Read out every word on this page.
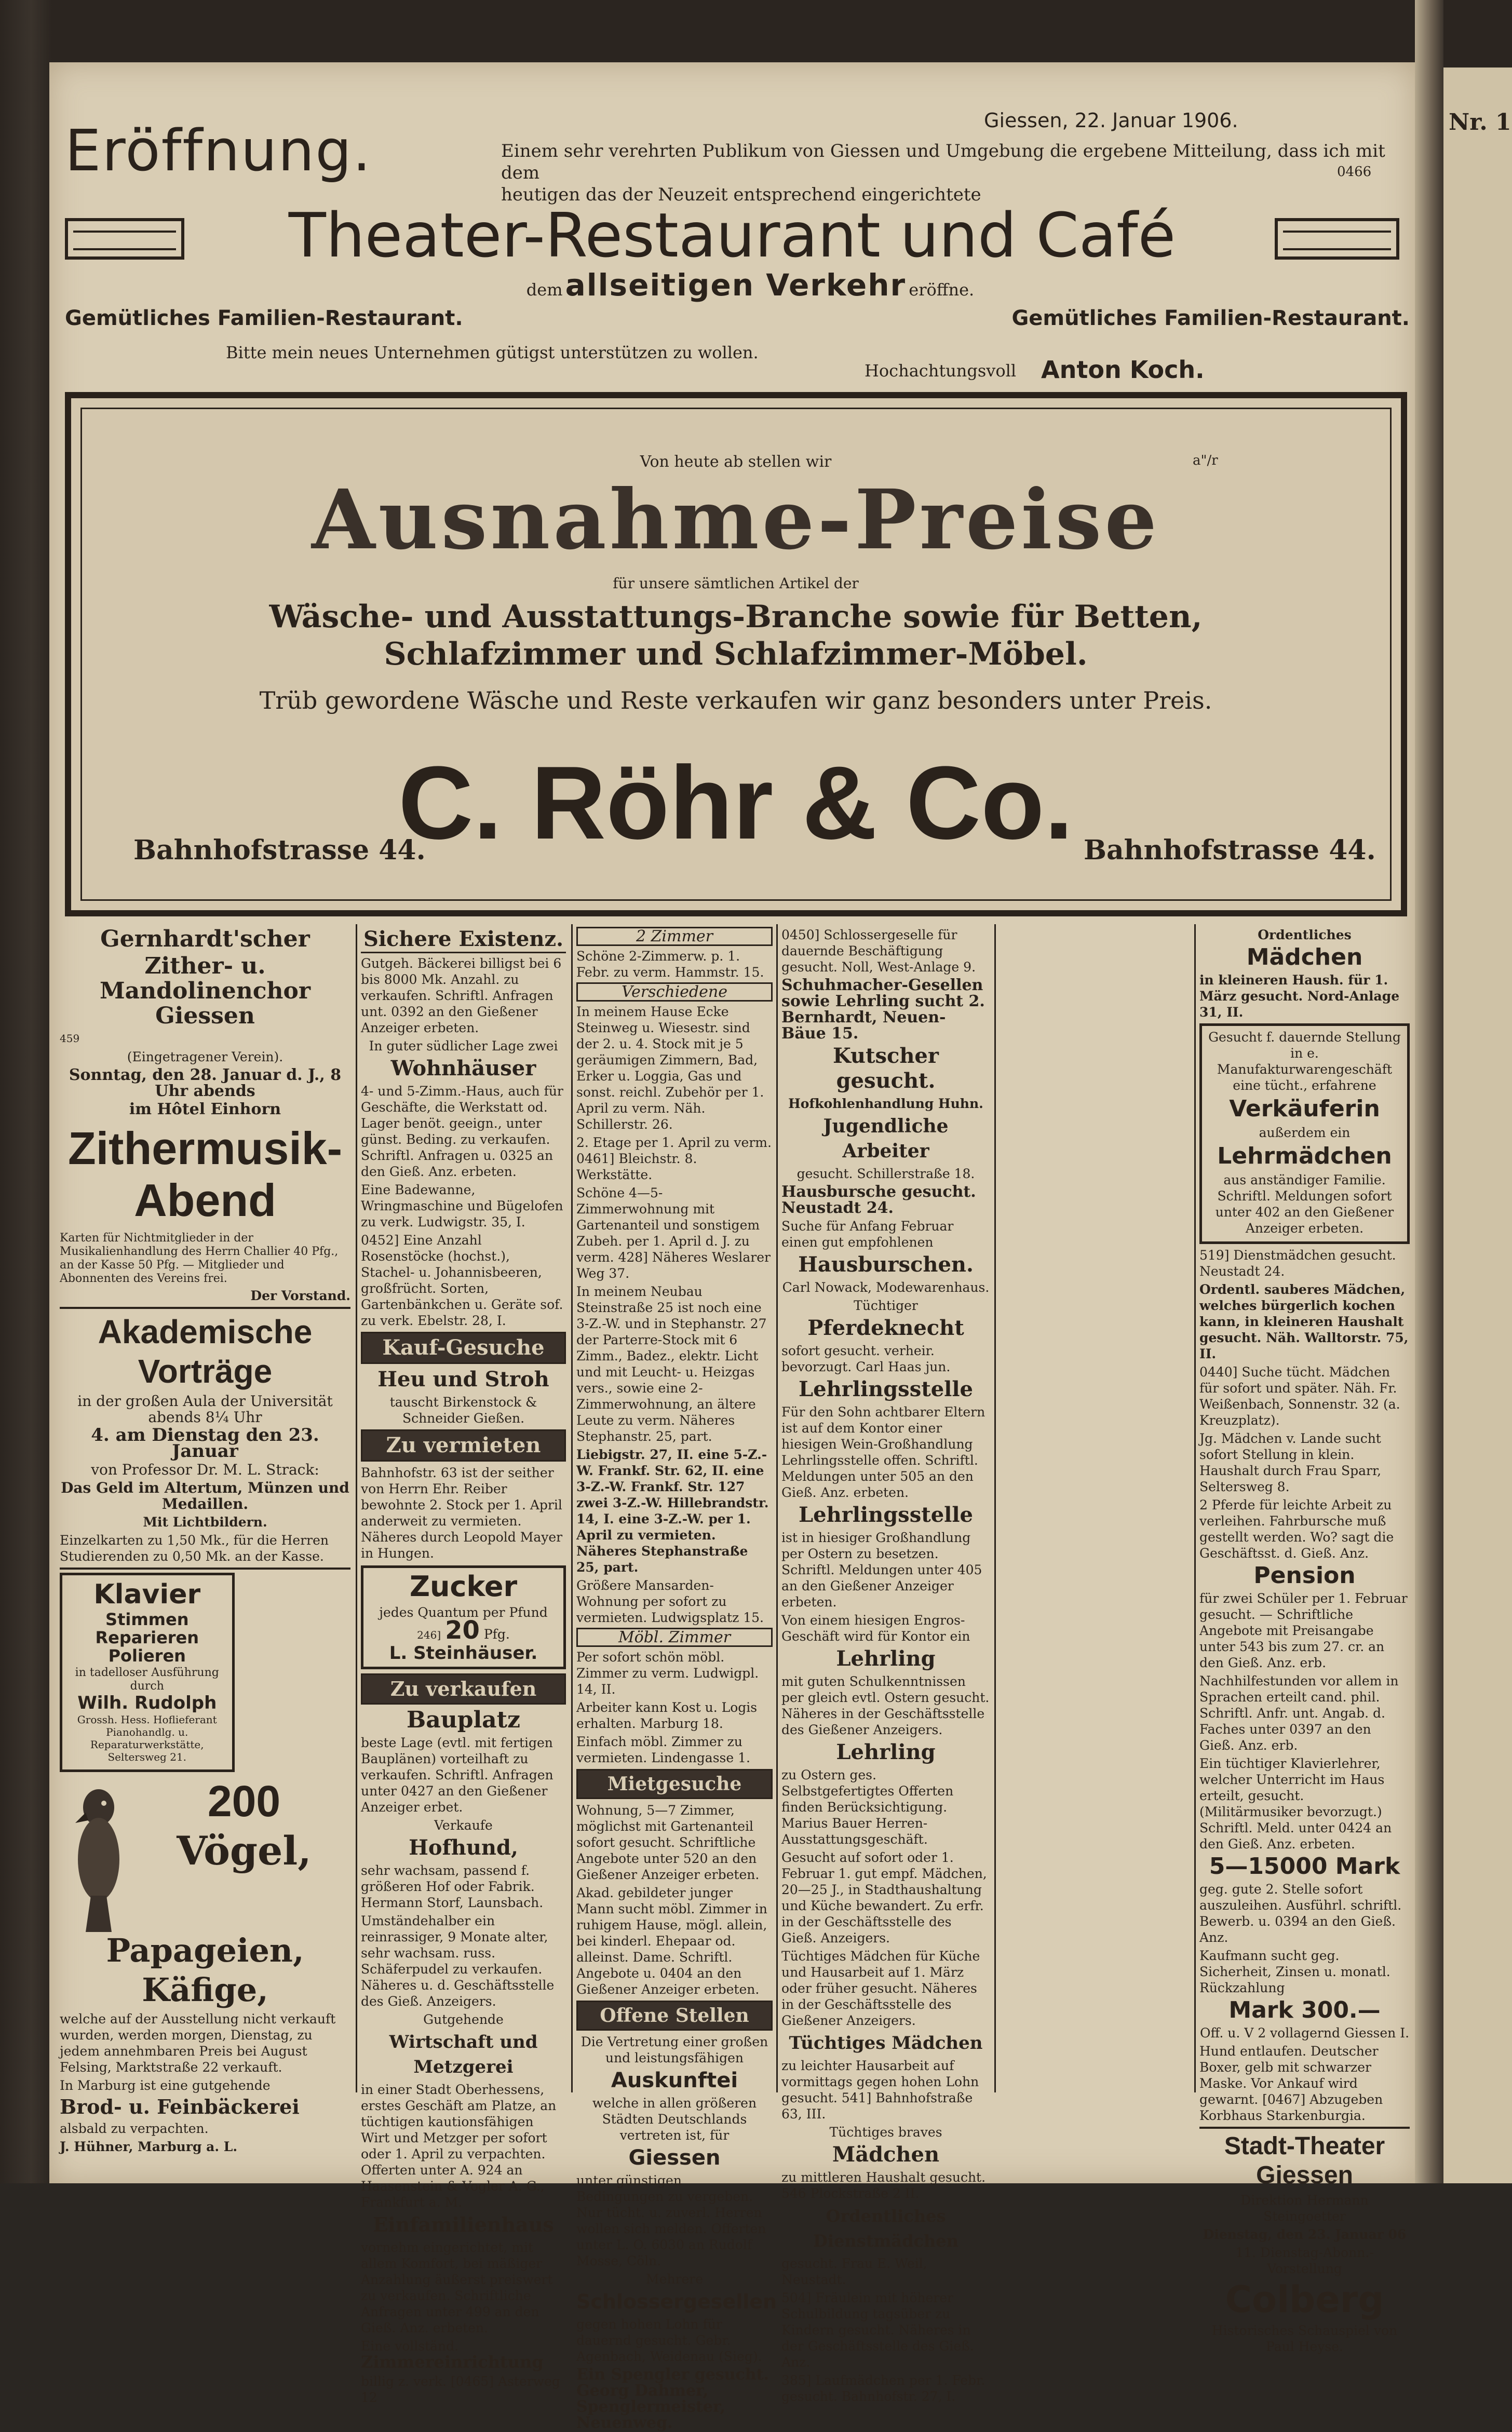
Nr. 1
Giessen, 22. Januar 1906.
Eröffnung.	Einem sehr verehrten Publikum von Giessen und Umgebung die ergebene Mitteilung, dass ich mit dem
heutigen das der Neuzeit entsprechend eingerichtete
0466
Theater-Restaurant und Café
dem allseitigen Verkehr eröffne.
Gemütliches Familien-Restaurant.	Gemütliches Familien-Restaurant.
Bitte mein neues Unternehmen gütigst unterstützen zu wollen.
Hochachtungsvoll Anton Koch.
Von heute ab stellen wir	a"/r
Ausnahme-Preise
für unsere sämtlichen Artikel der
Wäsche- und Ausstattungs-Branche sowie für Betten,
Schlafzimmer und Schlafzimmer-Möbel.
Trüb gewordene Wäsche und Reste verkaufen wir ganz besonders unter Preis.
Bahnhofstrasse 44.
C. Röhr & Co. Bahnhofstrasse 44.

Gernhardt'scher

Zither- u. Mandolinenchor Giessen

459

(Eingetragener Verein).

Sonntag, den 28. Januar d. J., 8 Uhr abends

im Hôtel Einhorn

Zithermusik-Abend

Karten für Nichtmitglieder in der Musikalienhandlung des Herrn Challier 40 Pfg., an der Kasse 50 Pfg. — Mitglieder und Abonnenten des Vereins frei.

Der Vorstand.

Akademische Vorträge

in der großen Aula der Universität abends 8¼ Uhr

4. am Dienstag den 23. Januar

von Professor Dr. M. L. Strack:

Das Geld im Altertum, Münzen und Medaillen.

Mit Lichtbildern.

Einzelkarten zu 1,50 Mk., für die Herren Studierenden zu 0,50 Mk. an der Kasse.

Klavier

Stimmen

Reparieren

Polieren

in tadelloser Ausführung durch

Wilh. Rudolph

Grossh. Hess. Hoflieferant Pianohandlg. u. Reparaturwerkstätte, Seltersweg 21.

200

Vögel,

Papageien,

Käfige,

welche auf der Ausstellung nicht verkauft wurden, werden morgen, Dienstag, zu jedem annehmbaren Preis bei August Felsing, Marktstraße 22 verkauft.

In Marburg ist eine gutgehende

Brod- u. Feinbäckerei

alsbald zu verpachten.

J. Hühner, Marburg a. L.

Sichere Existenz.

Gutgeh. Bäckerei billigst bei 6 bis 8000 Mk. Anzahl. zu verkaufen. Schriftl. Anfragen unt. 0392 an den Gießener Anzeiger erbeten.

In guter südlicher Lage zwei

Wohnhäuser

4- und 5-Zimm.-Haus, auch für Geschäfte, die Werkstatt od. Lager benöt. geeign., unter günst. Beding. zu verkaufen. Schriftl. Anfragen u. 0325 an den Gieß. Anz. erbeten.

Eine Badewanne, Wringmaschine und Bügelofen zu verk. Ludwigstr. 35, I.

0452] Eine Anzahl Rosenstöcke (hochst.), Stachel- u. Johannisbeeren, großfrücht. Sorten, Gartenbänkchen u. Geräte sof. zu verk. Ebelstr. 28, I.

Kauf-Gesuche

Heu und Stroh

tauscht Birkenstock & Schneider Gießen.

Zu vermieten

Bahnhofstr. 63 ist der seither von Herrn Ehr. Reiber bewohnte 2. Stock per 1. April anderweit zu vermieten. Näheres durch Leopold Mayer in Hungen.

Zucker

jedes Quantum per Pfund

246] 20 Pfg.

L. Steinhäuser.

Zu verkaufen

Bauplatz

beste Lage (evtl. mit fertigen Bauplänen) vorteilhaft zu verkaufen. Schriftl. Anfragen unter 0427 an den Gießener Anzeiger erbet.

Verkaufe

Hofhund,

sehr wachsam, passend f. größeren Hof oder Fabrik. Hermann Storf, Launsbach.

Umständehalber ein reinrassiger, 9 Monate alter, sehr wachsam. russ. Schäferpudel zu verkaufen. Näheres u. d. Geschäftsstelle des Gieß. Anzeigers.

Gutgehende

Wirtschaft und Metzgerei

in einer Stadt Oberhessens, erstes Geschäft am Platze, an tüchtigen kautionsfähigen Wirt und Metzger per sofort oder 1. April zu verpachten. Offerten unter A. 924 an Haasenstein & Vogler A. G., Frankfurt a. M.

Einfamilienhaus

vornehm eingerichtet, mit allem Komfort, bei mäßiger Anzahlung äußerst preiswert zu verkaufen. Schriftliche Anfragen unter 499 an den Gieß. Anz. erbeten.

Eine vollständ. Zimmereinrichtung

billig z. verk. [0465] Asterweg 12

2 Zimmer

Schöne 2-Zimmerw. p. 1. Febr. zu verm. Hammstr. 15.

Verschiedene

In meinem Hause Ecke Steinweg u. Wiesestr. sind der 2. u. 4. Stock mit je 5 geräumigen Zimmern, Bad, Erker u. Loggia, Gas und sonst. reichl. Zubehör per 1. April zu verm. Näh. Schillerstr. 26.

2. Etage per 1. April zu verm. 0461] Bleichstr. 8. Werkstätte.

Schöne 4—5-Zimmerwohnung mit Gartenanteil und sonstigem Zubeh. per 1. April d. J. zu verm. 428] Näheres Weslarer Weg 37.

In meinem Neubau Steinstraße 25 ist noch eine 3-Z.-W. und in Stephanstr. 27 der Parterre-Stock mit 6 Zimm., Badez., elektr. Licht und mit Leucht- u. Heizgas vers., sowie eine 2-Zimmerwohnung, an ältere Leute zu verm. Näheres Stephanstr. 25, part.

Liebigstr. 27, II. eine 5-Z.-W. Frankf. Str. 62, II. eine 3-Z.-W. Frankf. Str. 127 zwei 3-Z.-W. Hillebrandstr. 14, I. eine 3-Z.-W. per 1. April zu vermieten. Näheres Stephanstraße 25, part.

Größere Mansarden-Wohnung per sofort zu vermieten. Ludwigsplatz 15.

Möbl. Zimmer

Per sofort schön möbl. Zimmer zu verm. Ludwigpl. 14, II.

Arbeiter kann Kost u. Logis erhalten. Marburg 18.

Einfach möbl. Zimmer zu vermieten. Lindengasse 1.

Mietgesuche

Wohnung, 5—7 Zimmer, möglichst mit Gartenanteil sofort gesucht. Schriftliche Angebote unter 520 an den Gießener Anzeiger erbeten.

Akad. gebildeter junger Mann sucht möbl. Zimmer in ruhigem Hause, mögl. allein, bei kinderl. Ehepaar od. alleinst. Dame. Schriftl. Angebote u. 0404 an den Gießener Anzeiger erbeten.

Offene Stellen

Die Vertretung einer großen und leistungsfähigen

Auskunftei

welche in allen größeren Städten Deutschlands vertreten ist, für

Giessen

unter günstigen Bedingungen zu vergeben. Nur tücht. u. zuverl. Herren wollen sich melden. Offerten unter L. O. 6030 an Rudolf Mosse, Cöln.

Mehrere

Schlossergesellen

gegen hohen Lohn für dauernd gesucht. Gebr. Agenbach, Weidenau (Sieg).

Ein Spengler gesucht. Georg Dahmer, Spenglermeister, Neuenweg.

0450] Schlossergeselle für dauernde Beschäftigung gesucht. Noll, West-Anlage 9.

Schuhmacher-Gesellen sowie Lehrling sucht 2. Bernhardt, Neuen-Bäue 15.

Kutscher gesucht.

Hofkohlenhandlung Huhn.

Jugendliche Arbeiter

gesucht. Schillerstraße 18.

Hausbursche gesucht. Neustadt 24.

Suche für Anfang Februar einen gut empfohlenen

Hausburschen.

Carl Nowack, Modewarenhaus.

Tüchtiger

Pferdeknecht

sofort gesucht. verheir. bevorzugt. Carl Haas jun.

Lehrlingsstelle

Für den Sohn achtbarer Eltern ist auf dem Kontor einer hiesigen Wein-Großhandlung Lehrlingsstelle offen. Schriftl. Meldungen unter 505 an den Gieß. Anz. erbeten.

Lehrlingsstelle

ist in hiesiger Großhandlung per Ostern zu besetzen. Schriftl. Meldungen unter 405 an den Gießener Anzeiger erbeten.

Von einem hiesigen Engros-Geschäft wird für Kontor ein

Lehrling

mit guten Schulkenntnissen per gleich evtl. Ostern gesucht. Näheres in der Geschäftsstelle des Gießener Anzeigers.

Lehrling

zu Ostern ges. Selbstgefertigtes Offerten finden Berücksichtigung. Marius Bauer Herren-Ausstattungsgeschäft.

Gesucht auf sofort oder 1. Februar 1. gut empf. Mädchen, 20—25 J., in Stadthaushaltung und Küche bewandert. Zu erfr. in der Geschäftsstelle des Gieß. Anzeigers.

Tüchtiges Mädchen für Küche und Hausarbeit auf 1. März oder früher gesucht. Näheres in der Geschäftsstelle des Gießener Anzeigers.

Tüchtiges Mädchen

zu leichter Hausarbeit auf vormittags gegen hohen Lohn gesucht. 541] Bahnhofstraße 63, III.

Tüchtiges braves

Mädchen

zu mittleren Haushalt gesucht. 546 Plockstraße 2 II.

Ordentliches Dienstmädchen

gesucht. Frau E. Weil, Neustadt.

504] Fräulein mit höherer Schulbildung tagsüber zu Kindern gesucht. Näheres in der Geschäftsstelle des Gieß. Anz.

385] Laufmädchen per 1. Febr. gesucht. Bahnhofstr. 27, I.

Ordentliches

Mädchen

in kleineren Haush. für 1. März gesucht. Nord-Anlage 31, II.

Gesucht f. dauernde Stellung in e. Manufakturwarengeschäft eine tücht., erfahrene

Verkäuferin

außerdem ein

Lehrmädchen

aus anständiger Familie. Schriftl. Meldungen sofort unter 402 an den Gießener Anzeiger erbeten.

519] Dienstmädchen gesucht. Neustadt 24.

Ordentl. sauberes Mädchen, welches bürgerlich kochen kann, in kleineren Haushalt gesucht. Näh. Walltorstr. 75, II.

0440] Suche tücht. Mädchen für sofort und später. Näh. Fr. Weißenbach, Sonnenstr. 32 (a. Kreuzplatz).

Jg. Mädchen v. Lande sucht sofort Stellung in klein. Haushalt durch Frau Sparr, Seltersweg 8.

2 Pferde für leichte Arbeit zu verleihen. Fahrbursche muß gestellt werden. Wo? sagt die Geschäftsst. d. Gieß. Anz.

Pension

für zwei Schüler per 1. Februar gesucht. — Schriftliche Angebote mit Preisangabe unter 543 bis zum 27. cr. an den Gieß. Anz. erb.

Nachhilfestunden vor allem in Sprachen erteilt cand. phil. Schriftl. Anfr. unt. Angab. d. Faches unter 0397 an den Gieß. Anz. erb.

Ein tüchtiger Klavierlehrer, welcher Unterricht im Haus erteilt, gesucht. (Militärmusiker bevorzugt.) Schriftl. Meld. unter 0424 an den Gieß. Anz. erbeten.

5—15000 Mark

geg. gute 2. Stelle sofort auszuleihen. Ausführl. schriftl. Bewerb. u. 0394 an den Gieß. Anz.

Kaufmann sucht geg. Sicherheit, Zinsen u. monatl. Rückzahlung

Mark 300.—

Off. u. V 2 vollagernd Giessen I.

Hund entlaufen. Deutscher Boxer, gelb mit schwarzer Maske. Vor Ankauf wird gewarnt. [0467] Abzugeben Korbhaus Starkenburgia.

Stadt-Theater Giessen

Direktion Hermann Steingoetter

Dienstag, den 23. Januar 06

11. Dienstag-Abonn.-Vorstellung

Colberg

Historisches Schauspiel von Paul Heyse.
